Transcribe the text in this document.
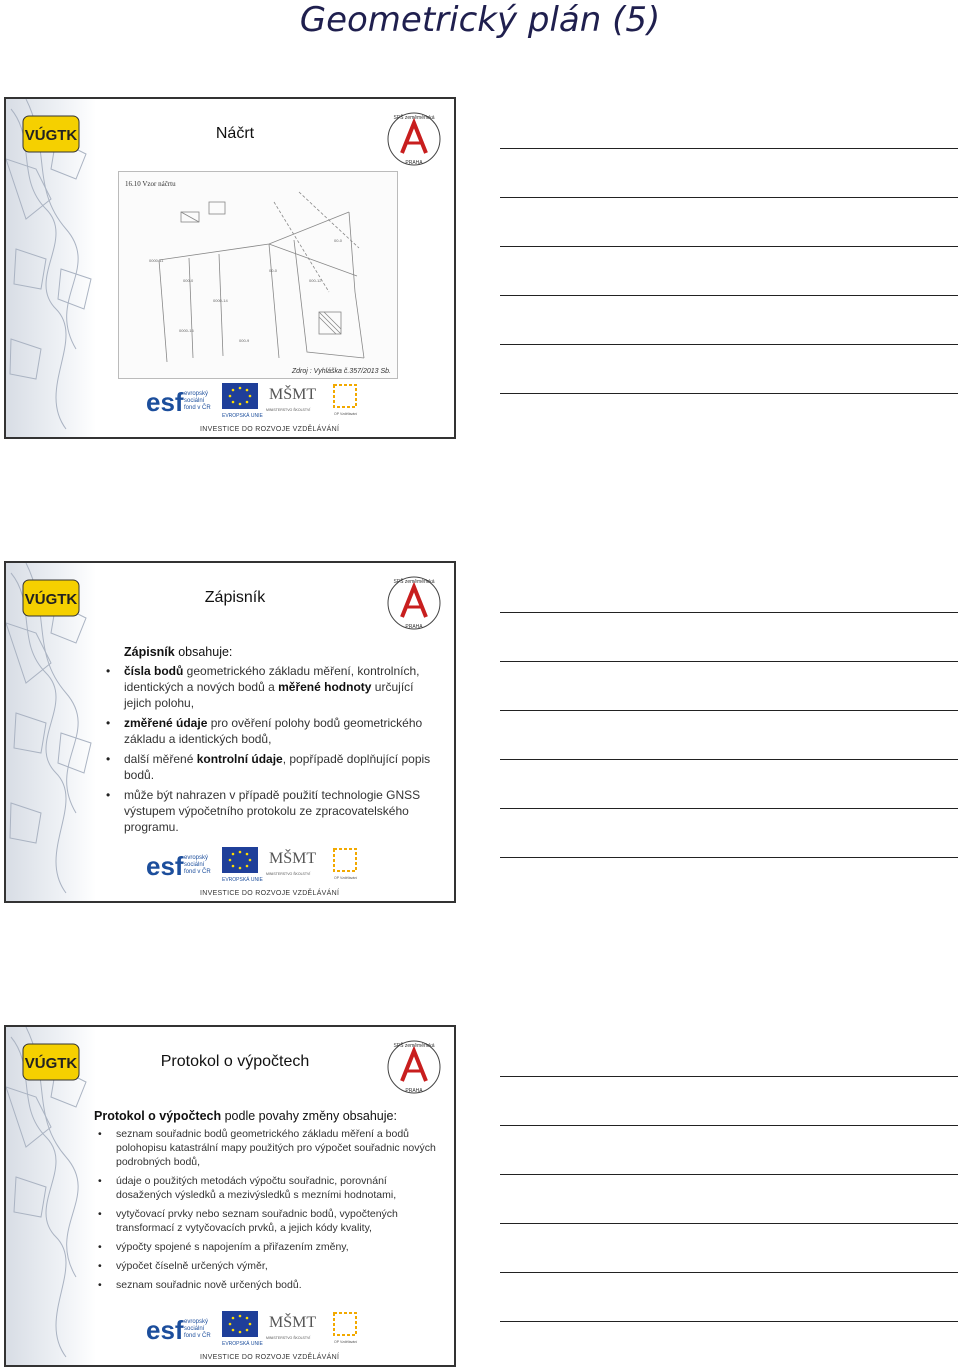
Geometrický plán (5)
VÚGTK	Náčrt
SPŠ zeměměřická
PRAHA
16.10 Vzor náčrtu
0000-11
000-0
0000-14
00-0
000-12
0000-16
000-9
00-0
Zdroj : Vyhláška č.357/2013 Sb.
esf evropský
sociální
fond v ČR
EVROPSKÁ UNIE
MŠMT
MINISTERSTVO ŠKOLSTVÍ
OP Vzdělávání
INVESTICE DO ROZVOJE VZDĚLÁVÁNÍ
VÚGTK	Zápisník
SPŠ zeměměřická
PRAHA

Zápisník obsahuje:

• čísla bodů geometrického základu měření, kontrolních, identických a nových bodů a měřené hodnoty určující jejich polohu,
• změřené údaje pro ověření polohy bodů geometrického základu a identických bodů,
• další měřené kontrolní údaje, popřípadě doplňující popis bodů.
• může být nahrazen v případě použití technologie GNSS výstupem výpočetního protokolu ze zpracovatelského programu.
esf evropský
sociální
fond v ČR
EVROPSKÁ UNIE
MŠMT
MINISTERSTVO ŠKOLSTVÍ
OP Vzdělávání
INVESTICE DO ROZVOJE VZDĚLÁVÁNÍ
VÚGTK	Protokol o výpočtech
SPŠ zeměměřická
PRAHA

Protokol o výpočtech podle povahy změny obsahuje:

• seznam souřadnic bodů geometrického základu měření a bodů polohopisu katastrální mapy použitých pro výpočet souřadnic nových podrobných bodů,
• údaje o použitých metodách výpočtu souřadnic, porovnání dosažených výsledků a mezivýsledků s mezními hodnotami,
• vytyčovací prvky nebo seznam souřadnic bodů, vypočtených transformací z vytyčovacích prvků, a jejich kódy kvality,
• výpočty spojené s napojením a přiřazením změny,
• výpočet číselně určených výměr,
• seznam souřadnic nově určených bodů.
esf evropský
sociální
fond v ČR
EVROPSKÁ UNIE
MŠMT
MINISTERSTVO ŠKOLSTVÍ
OP Vzdělávání
INVESTICE DO ROZVOJE VZDĚLÁVÁNÍ
